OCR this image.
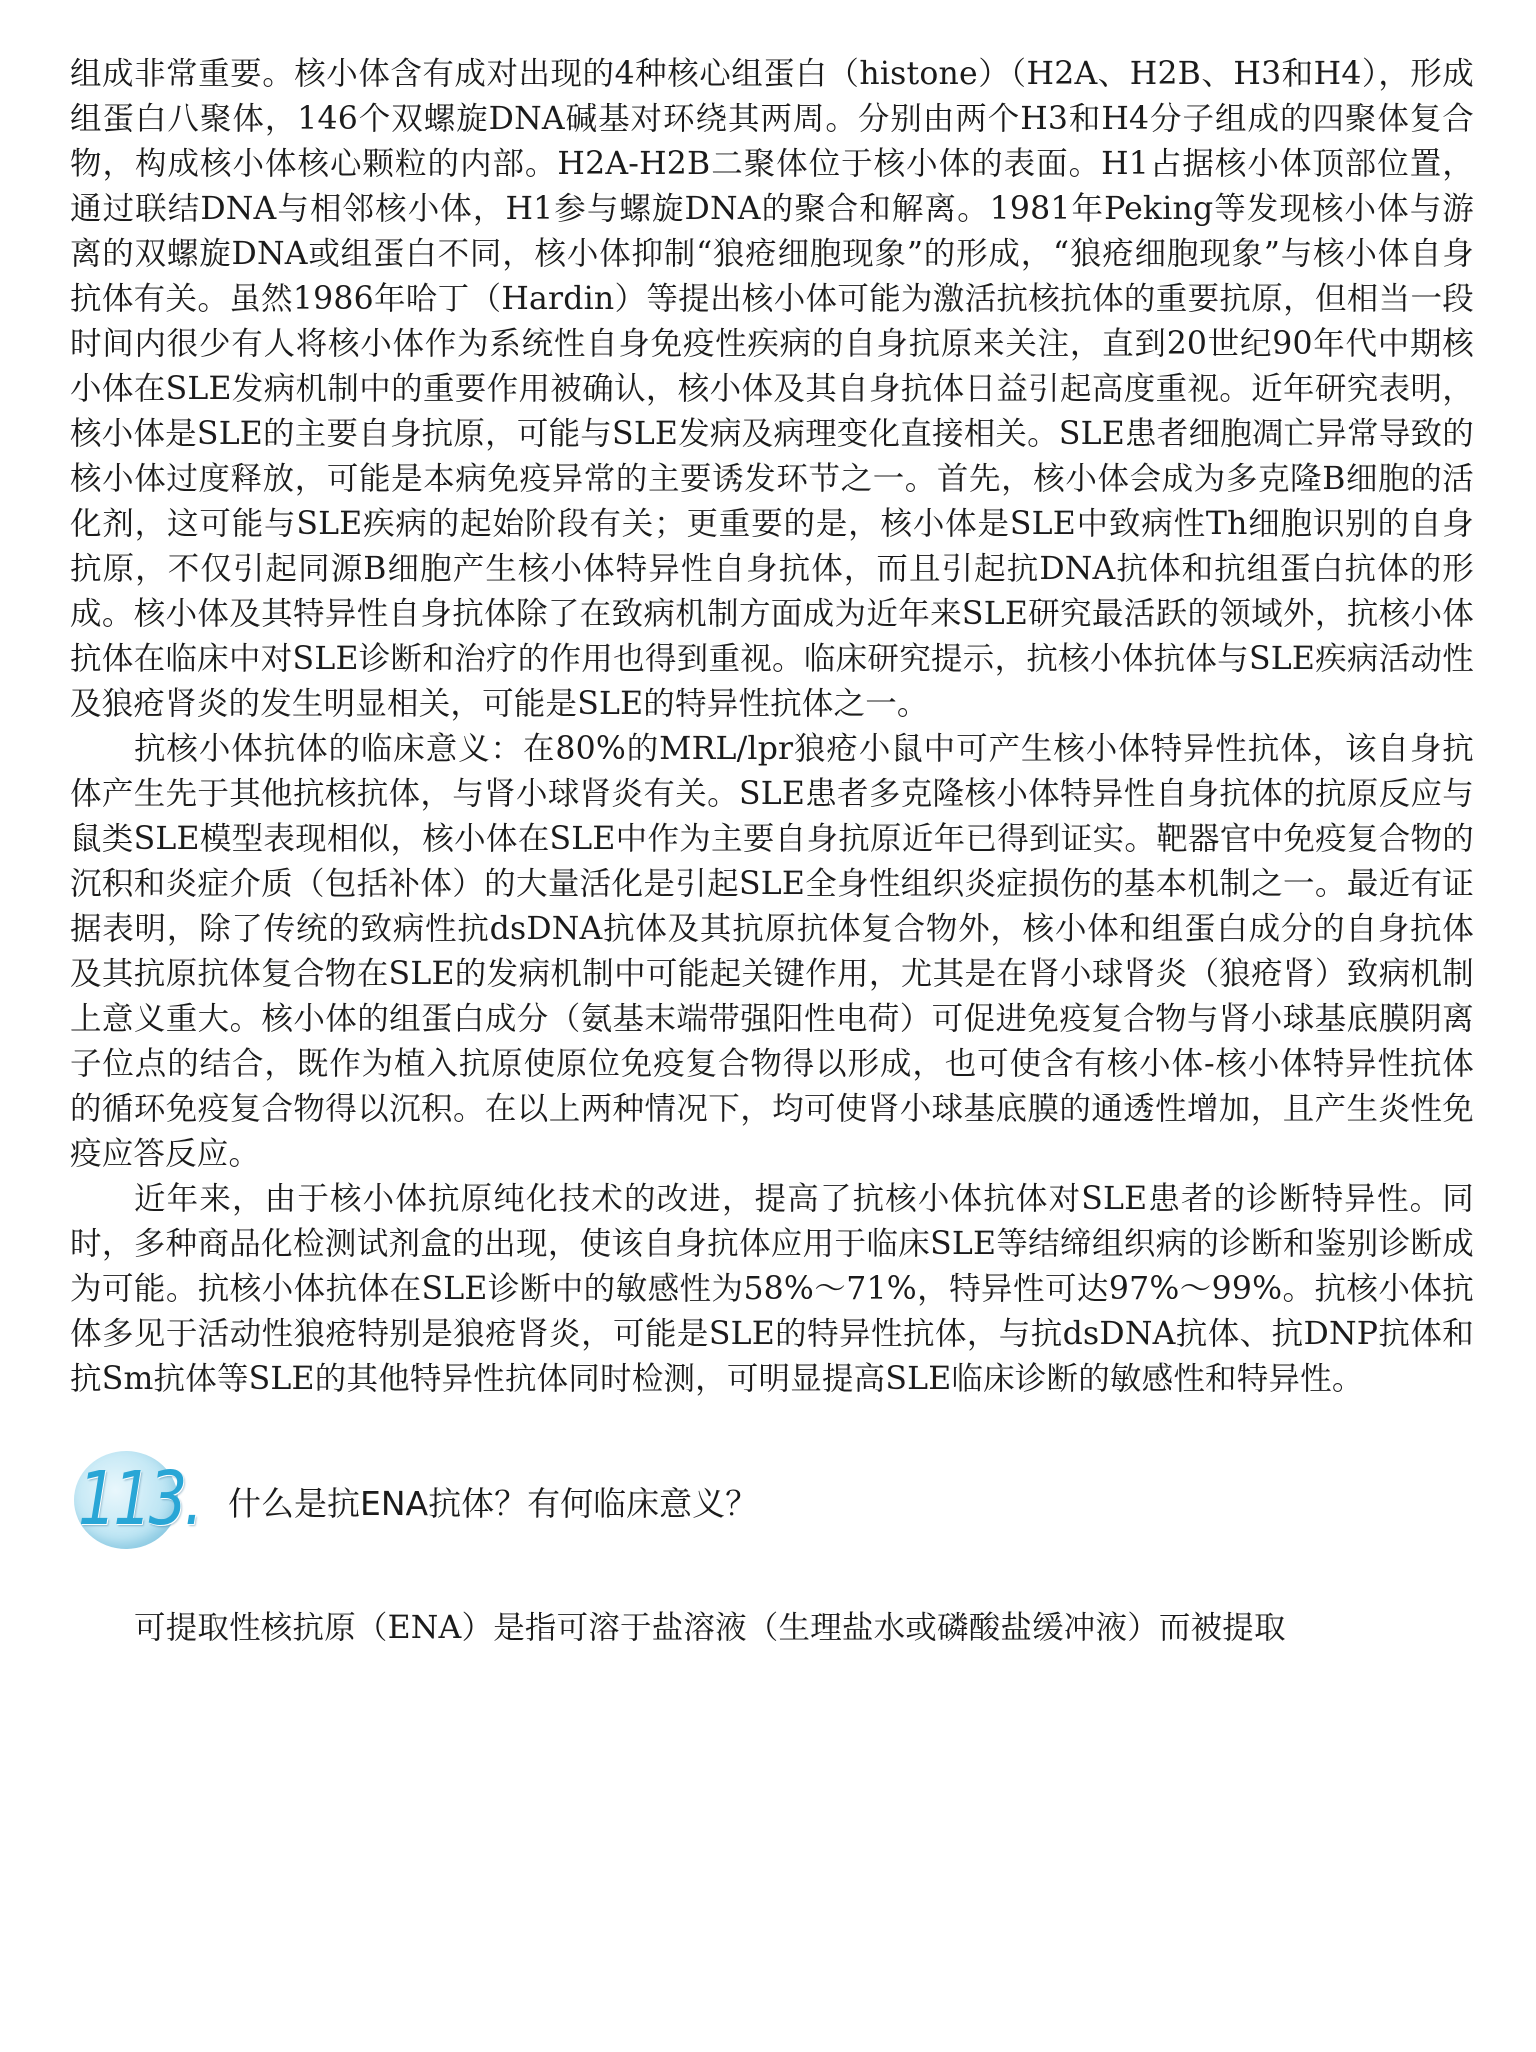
组成非常重要。核小体含有成对出现的4种核心组蛋白（histone）（H2A、H2B、H3和H4），形成组蛋白八聚体，146个双螺旋DNA碱基对环绕其两周。分别由两个H3和H4分子组成的四聚体复合物，构成核小体核心颗粒的内部。H2A-H2B二聚体位于核小体的表面。H1占据核小体顶部位置，通过联结DNA与相邻核小体，H1参与螺旋DNA的聚合和解离。1981年Peking等发现核小体与游离的双螺旋DNA或组蛋白不同，核小体抑制“狼疮细胞现象”的形成，“狼疮细胞现象”与核小体自身抗体有关。虽然1986年哈丁（Hardin）等提出核小体可能为激活抗核抗体的重要抗原，但相当一段时间内很少有人将核小体作为系统性自身免疫性疾病的自身抗原来关注，直到20世纪90年代中期核小体在SLE发病机制中的重要作用被确认，核小体及其自身抗体日益引起高度重视。近年研究表明，核小体是SLE的主要自身抗原，可能与SLE发病及病理变化直接相关。SLE患者细胞凋亡异常导致的核小体过度释放，可能是本病免疫异常的主要诱发环节之一。首先，核小体会成为多克隆B细胞的活化剂，这可能与SLE疾病的起始阶段有关；更重要的是，核小体是SLE中致病性Th细胞识别的自身抗原，不仅引起同源B细胞产生核小体特异性自身抗体，而且引起抗DNA抗体和抗组蛋白抗体的形成。核小体及其特异性自身抗体除了在致病机制方面成为近年来SLE研究最活跃的领域外，抗核小体抗体在临床中对SLE诊断和治疗的作用也得到重视。临床研究提示，抗核小体抗体与SLE疾病活动性及狼疮肾炎的发生明显相关，可能是SLE的特异性抗体之一。

抗核小体抗体的临床意义：在80%的MRL/lpr狼疮小鼠中可产生核小体特异性抗体，该自身抗体产生先于其他抗核抗体，与肾小球肾炎有关。SLE患者多克隆核小体特异性自身抗体的抗原反应与鼠类SLE模型表现相似，核小体在SLE中作为主要自身抗原近年已得到证实。靶器官中免疫复合物的沉积和炎症介质（包括补体）的大量活化是引起SLE全身性组织炎症损伤的基本机制之一。最近有证据表明，除了传统的致病性抗dsDNA抗体及其抗原抗体复合物外，核小体和组蛋白成分的自身抗体及其抗原抗体复合物在SLE的发病机制中可能起关键作用，尤其是在肾小球肾炎（狼疮肾）致病机制上意义重大。核小体的组蛋白成分（氨基末端带强阳性电荷）可促进免疫复合物与肾小球基底膜阴离子位点的结合，既作为植入抗原使原位免疫复合物得以形成，也可使含有核小体-核小体特异性抗体的循环免疫复合物得以沉积。在以上两种情况下，均可使肾小球基底膜的通透性增加，且产生炎性免疫应答反应。

近年来，由于核小体抗原纯化技术的改进，提高了抗核小体抗体对SLE患者的诊断特异性。同时，多种商品化检测试剂盒的出现，使该自身抗体应用于临床SLE等结缔组织病的诊断和鉴别诊断成为可能。抗核小体抗体在SLE诊断中的敏感性为58%～71%，特异性可达97%～99%。抗核小体抗体多见于活动性狼疮特别是狼疮肾炎，可能是SLE的特异性抗体，与抗dsDNA抗体、抗DNP抗体和抗Sm抗体等SLE的其他特异性抗体同时检测，可明显提高SLE临床诊断的敏感性和特异性。

113. 什么是抗ENA抗体？有何临床意义？

可提取性核抗原（ENA）是指可溶于盐溶液（生理盐水或磷酸盐缓冲液）而被提取
